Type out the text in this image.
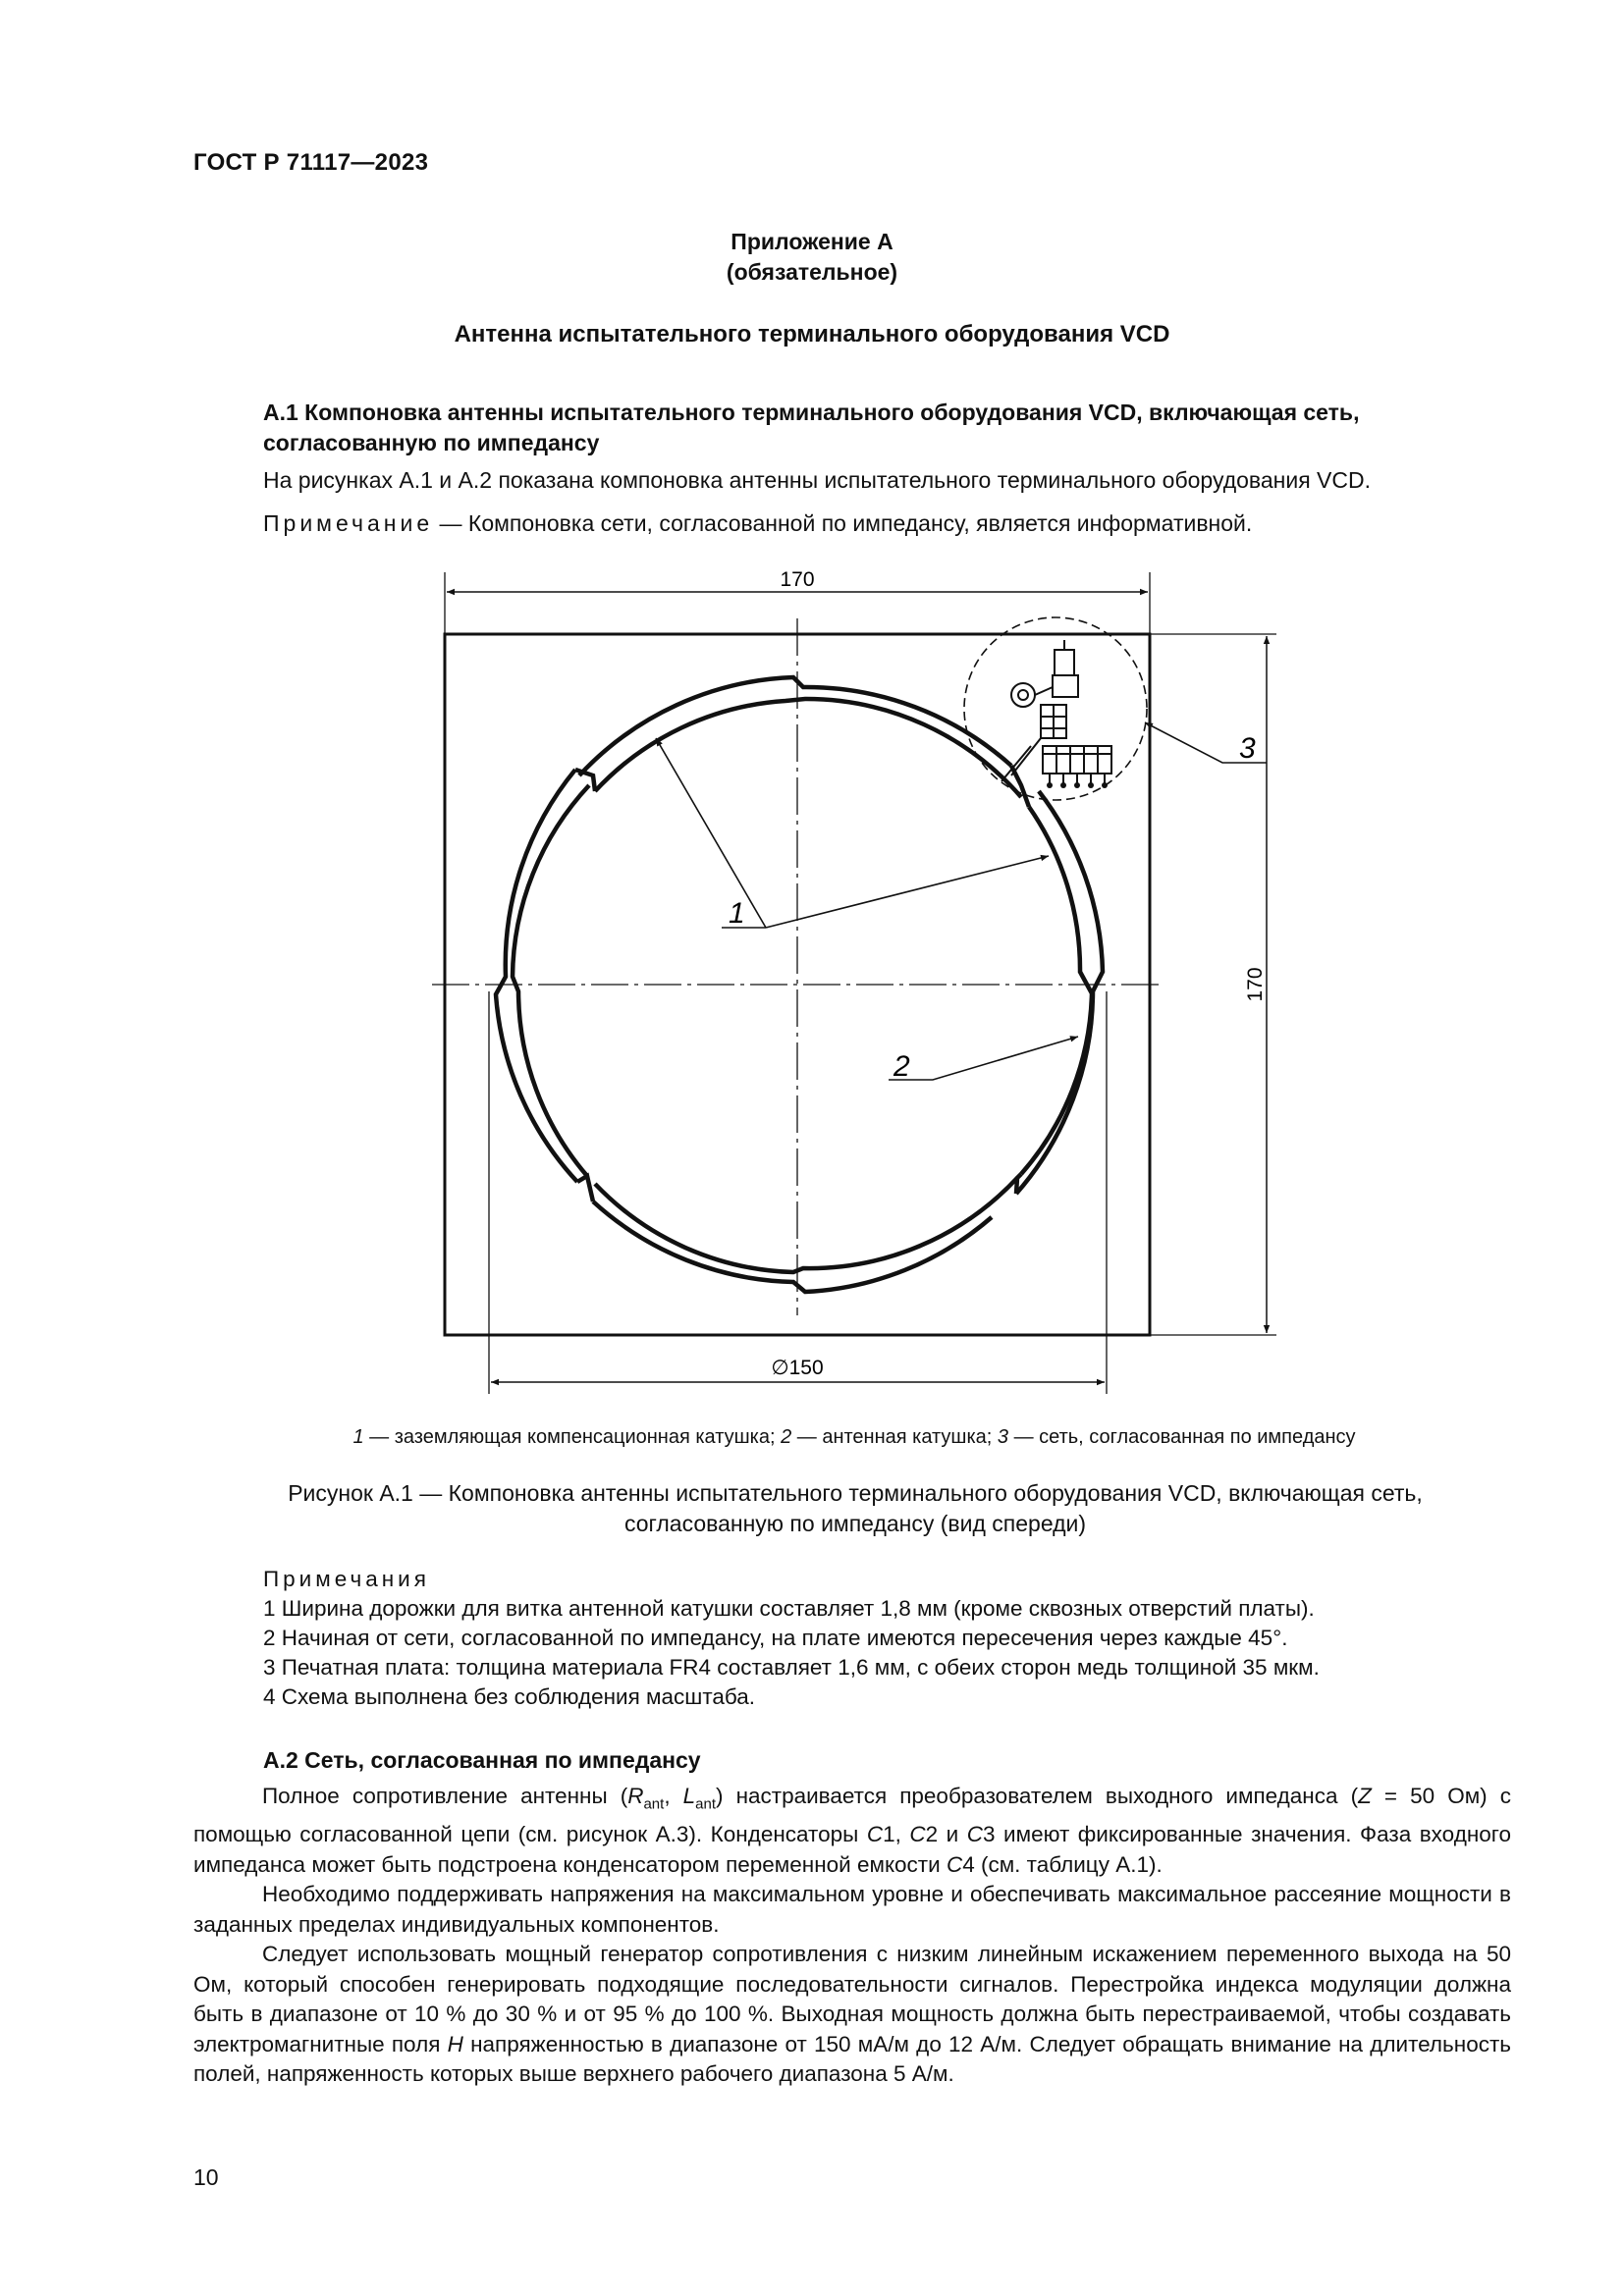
ГОСТ Р 71117—2023
Приложение А
(обязательное)
Антенна испытательного терминального оборудования VCD
А.1 Компоновка антенны испытательного терминального оборудования VCD, включающая сеть,
согласованную по импедансу
На рисунках А.1 и А.2 показана компоновка антенны испытательного терминального оборудования VCD.
Примечание — Компоновка сети, согласованной по импедансу, является информативной.
170
170
∅150
1
2
3
1 — заземляющая компенсационная катушка; 2 — антенная катушка; 3 — сеть, согласованная по импедансу
Рисунок А.1 — Компоновка антенны испытательного терминального оборудования VCD, включающая сеть,
согласованную по импедансу (вид спереди)
Примечания
1 Ширина дорожки для витка антенной катушки составляет 1,8 мм (кроме сквозных отверстий платы).
2 Начиная от сети, согласованной по импедансу, на плате имеются пересечения через каждые 45°.
3 Печатная плата: толщина материала FR4 составляет 1,6 мм, с обеих сторон медь толщиной 35 мкм.
4 Схема выполнена без соблюдения масштаба.
А.2 Сеть, согласованная по импедансу

Полное сопротивление антенны ($R_{ant}$, $L_{ant}$) настраивается преобразователем выходного импеданса (Z = 50 Ом) с помощью согласованной цепи (см. рисунок А.3). Конденсаторы C1, C2 и C3 имеют фиксированные значения. Фаза входного импеданса может быть подстроена конденсатором переменной емкости C4 (см. таблицу А.1).

Необходимо поддерживать напряжения на максимальном уровне и обеспечивать максимальное рассеяние мощности в заданных пределах индивидуальных компонентов.

Следует использовать мощный генератор сопротивления с низким линейным искажением переменного выхода на 50 Ом, который способен генерировать подходящие последовательности сигналов. Перестройка индекса модуляции должна быть в диапазоне от 10 % до 30 % и от 95 % до 100 %. Выходная мощность должна быть перестраиваемой, чтобы создавать электромагнитные поля H напряженностью в диапазоне от 150 мА/м до 12 А/м. Следует обращать внимание на длительность полей, напряженность которых выше верхнего рабочего диапазона 5 А/м.

10
